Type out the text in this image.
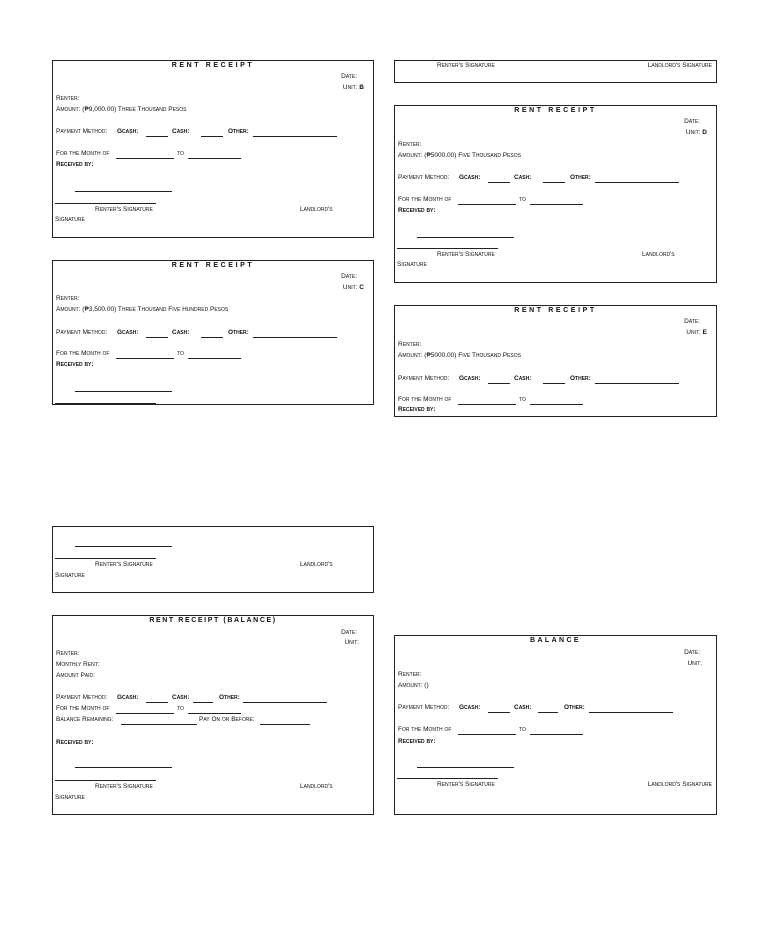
RENT RECEIPT
Date:
Unit: B
Renter:
Amount: (₱9,000.00) Three Thousand Pesos
Payment Method: Gcash:	Cash:	Other:
For the Month of	to
Received by:
Renter's Signature	Landlord's
Signature
RENT RECEIPT
Date:
Unit: C
Renter:
Amount: (₱3,500.00) Three Thousand Five Hundred Pesos
Payment Method: Gcash:	Cash:	Other:
For the Month of	to
Received by:
Renter's Signature	Landlord's
Signature
RENT RECEIPT (BALANCE)
Date:
Unit:
Renter:
Monthly Rent:
Amount Paid:
Payment Method: Gcash:	Cash:	Other:
For the Month of	to
Balance Remaining:	Pay On or Before:
Received by:
Renter's Signature	Landlord's
Signature
Renter's Signature	Landlord's Signature
RENT RECEIPT
Date:
Unit: D
Renter:
Amount: (₱5000.00) Five Thousand Pesos
Payment Method: Gcash:	Cash:	Other:
For the Month of	to
Received by:
Renter's Signature	Landlord's
Signature
RENT RECEIPT
Date:
Unit: E
Renter:
Amount: (₱5000.00) Five Thousand Pesos
Payment Method: Gcash:	Cash:	Other:
For the Month of	to
Received by:
BALANCE
Date:
Unit:
Renter:
Amount: ()
Payment Method: Gcash:	Cash:	Other:
For the Month of	to
Received by:
Renter's Signature	Landlord's Signature
